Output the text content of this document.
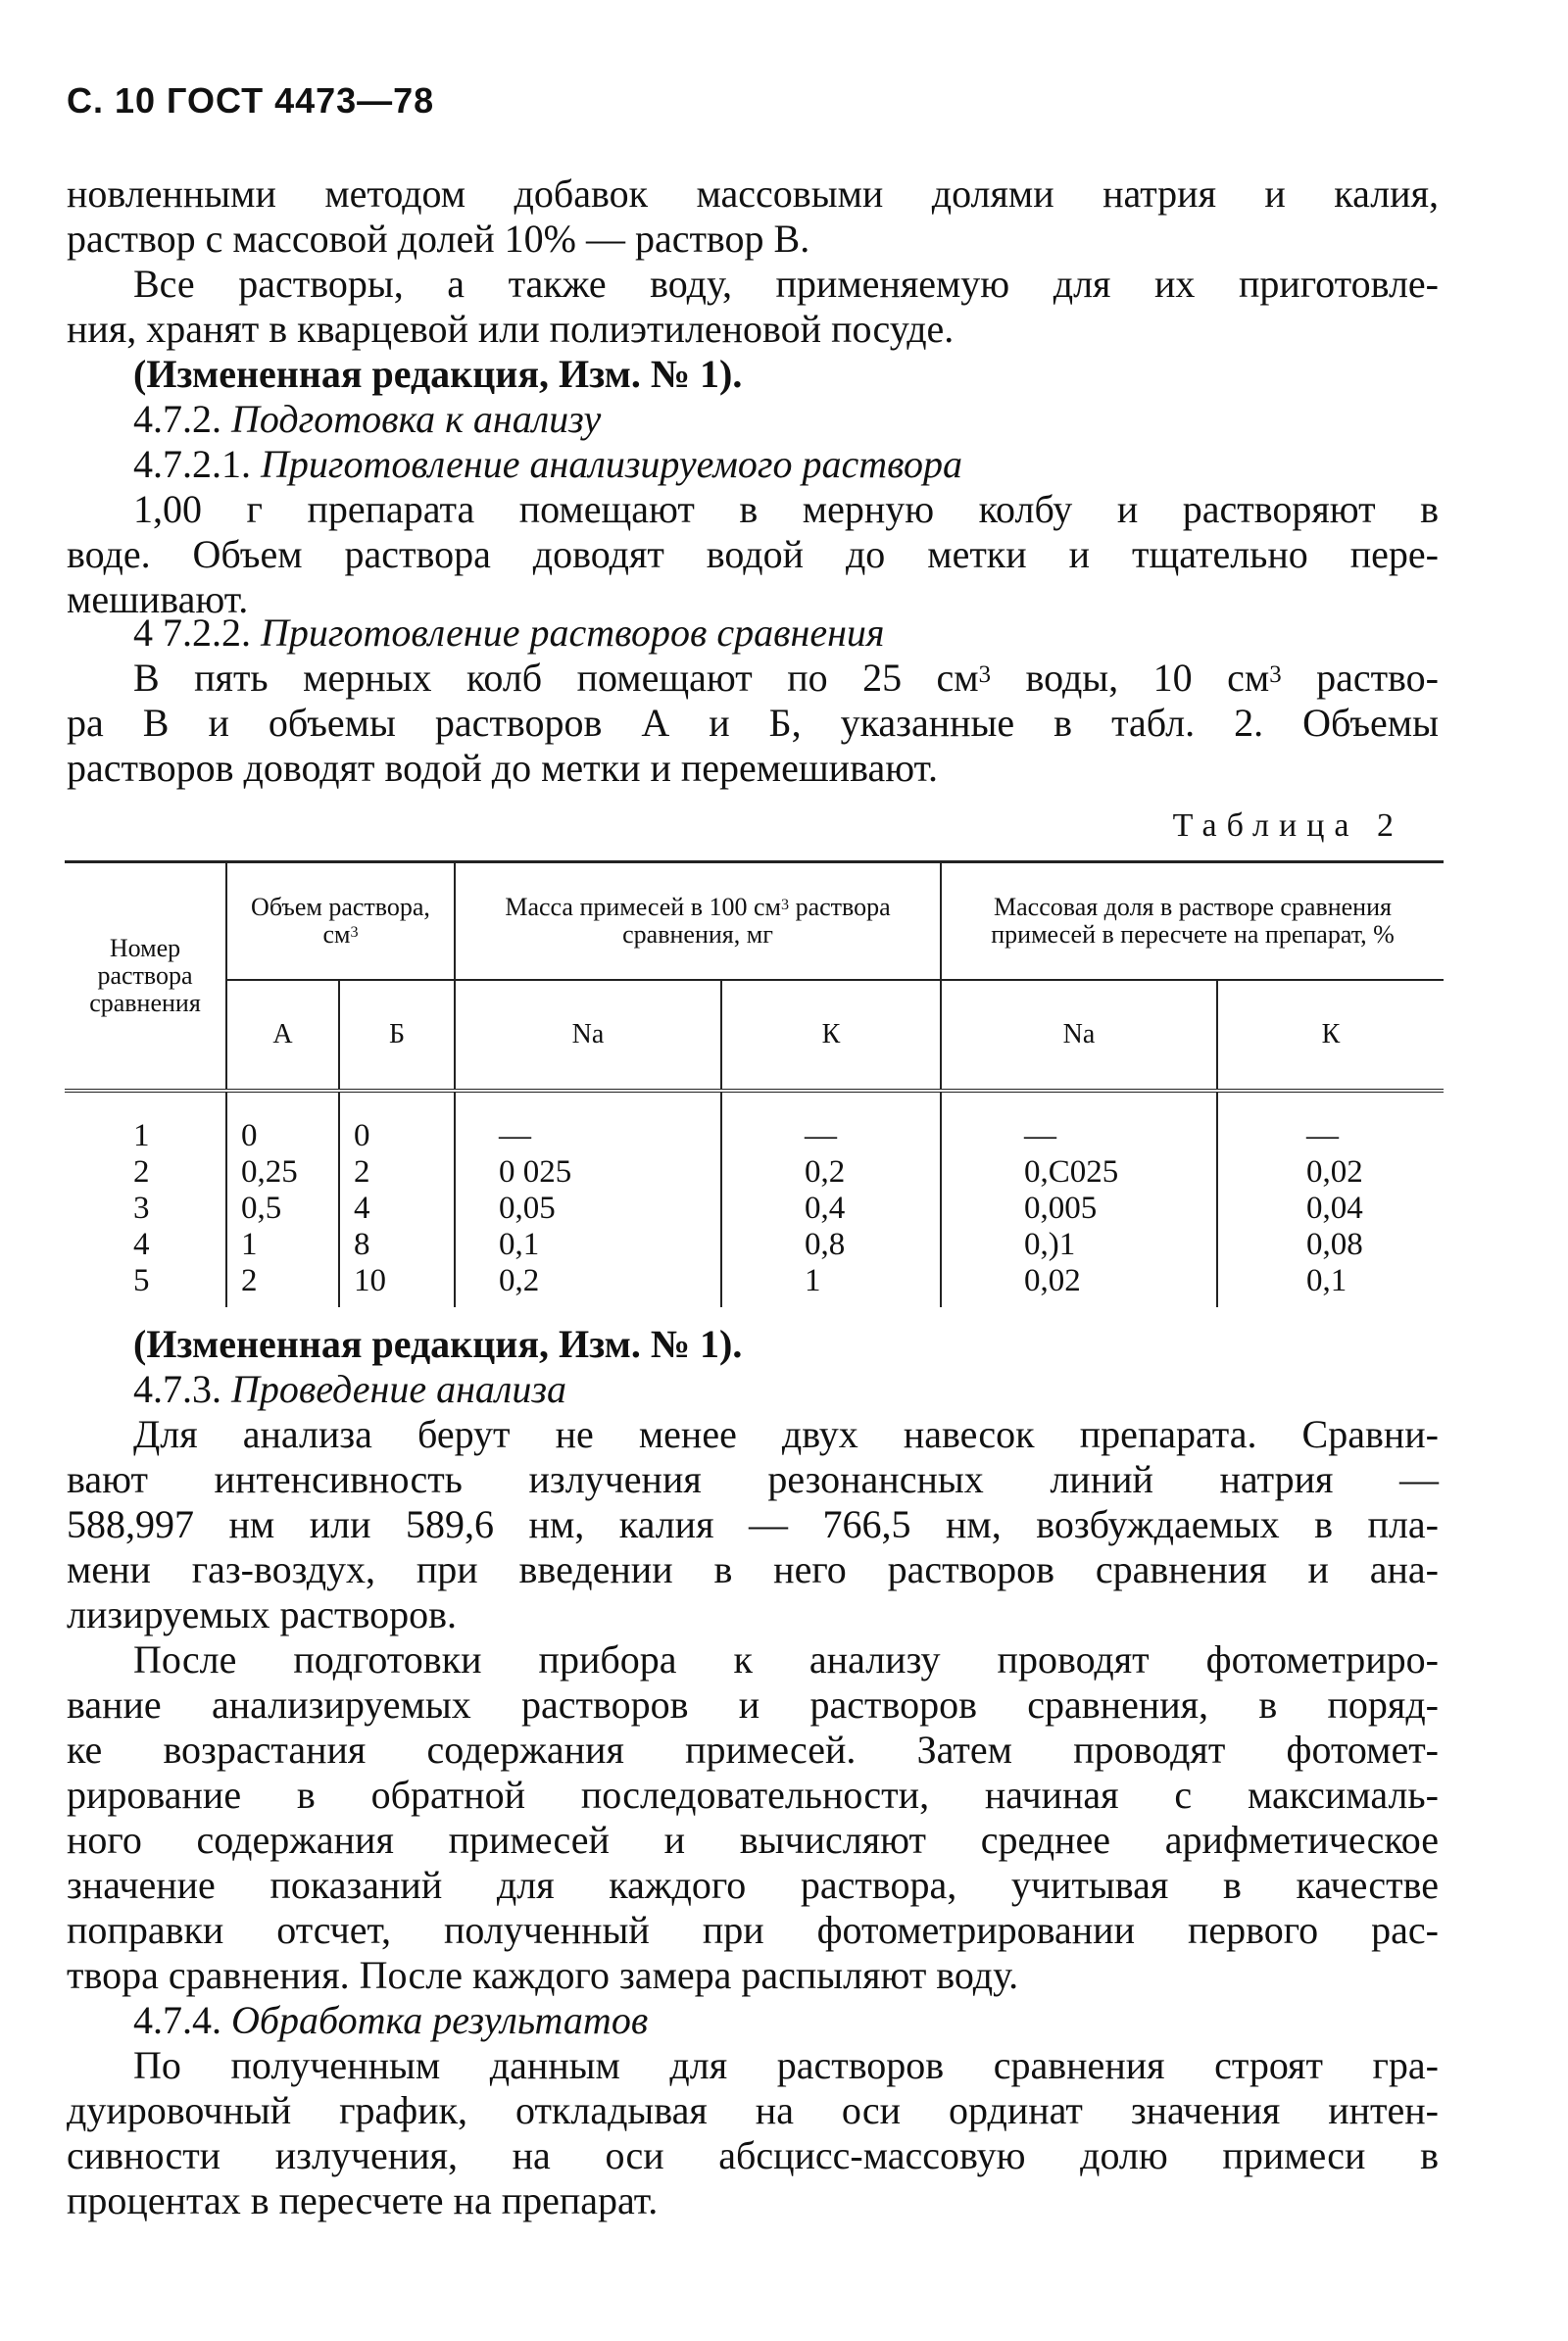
С. 10 ГОСТ 4473—78
новленными методом добавок массовыми долями натрия и калия,
раствор с массовой долей 10% — раствор В.
Все растворы, а также воду, применяемую для их приготовле-
ния, хранят в кварцевой или полиэтиленовой посуде.
(Измененная редакция, Изм. № 1).
4.7.2. Подготовка к анализу
4.7.2.1. Приготовление анализируемого раствора
1,00 г препарата помещают в мерную колбу и растворяют в
воде. Объем раствора доводят водой до метки и тщательно пере-
мешивают.
4 7.2.2. Приготовление растворов сравнения
В пять мерных колб помещают по 25 $см^3$ воды, 10 $см^3$ раство-
ра В и объемы растворов А и Б, указанные в табл. 2. Объемы
растворов доводят водой до метки и перемешивают.
Таблица 2
Номер раствора сравнения	Объем раствора, $см^3$		Масса примесей в 100 $см^3$ раствора сравнения, мг		Массовая доля в растворе сравнения примесей в пересчете на препарат, %	
	А	Б	Na	К	Na	К
1	0	0	—	—	—	—
2	0,25	2	0 025	0,2	0,С025	0,02
3	0,5	4	0,05	0,4	0,005	0,04
4	1	8	0,1	0,8	0,)1	0,08
5	2	10	0,2	1	0,02	0,1
(Измененная редакция, Изм. № 1).
4.7.3. Проведение анализа
Для анализа берут не менее двух навесок препарата. Сравни-
вают интенсивность излучения резонансных линий натрия —
588,997 нм или 589,6 нм, калия — 766,5 нм, возбуждаемых в пла-
мени газ-воздух, при введении в него растворов сравнения и ана-
лизируемых растворов.
После подготовки прибора к анализу проводят фотометриро-
вание анализируемых растворов и растворов сравнения, в поряд-
ке возрастания содержания примесей. Затем проводят фотомет-
рирование в обратной последовательности, начиная с максималь-
ного содержания примесей и вычисляют среднее арифметическое
значение показаний для каждого раствора, учитывая в качестве
поправки отсчет, полученный при фотометрировании первого рас-
твора сравнения. После каждого замера распыляют воду.
4.7.4. Обработка результатов
По полученным данным для растворов сравнения строят гра-
дуировочный график, откладывая на оси ординат значения интен-
сивности излучения, на оси абсцисс-массовую долю примеси в
процентах в пересчете на препарат.
